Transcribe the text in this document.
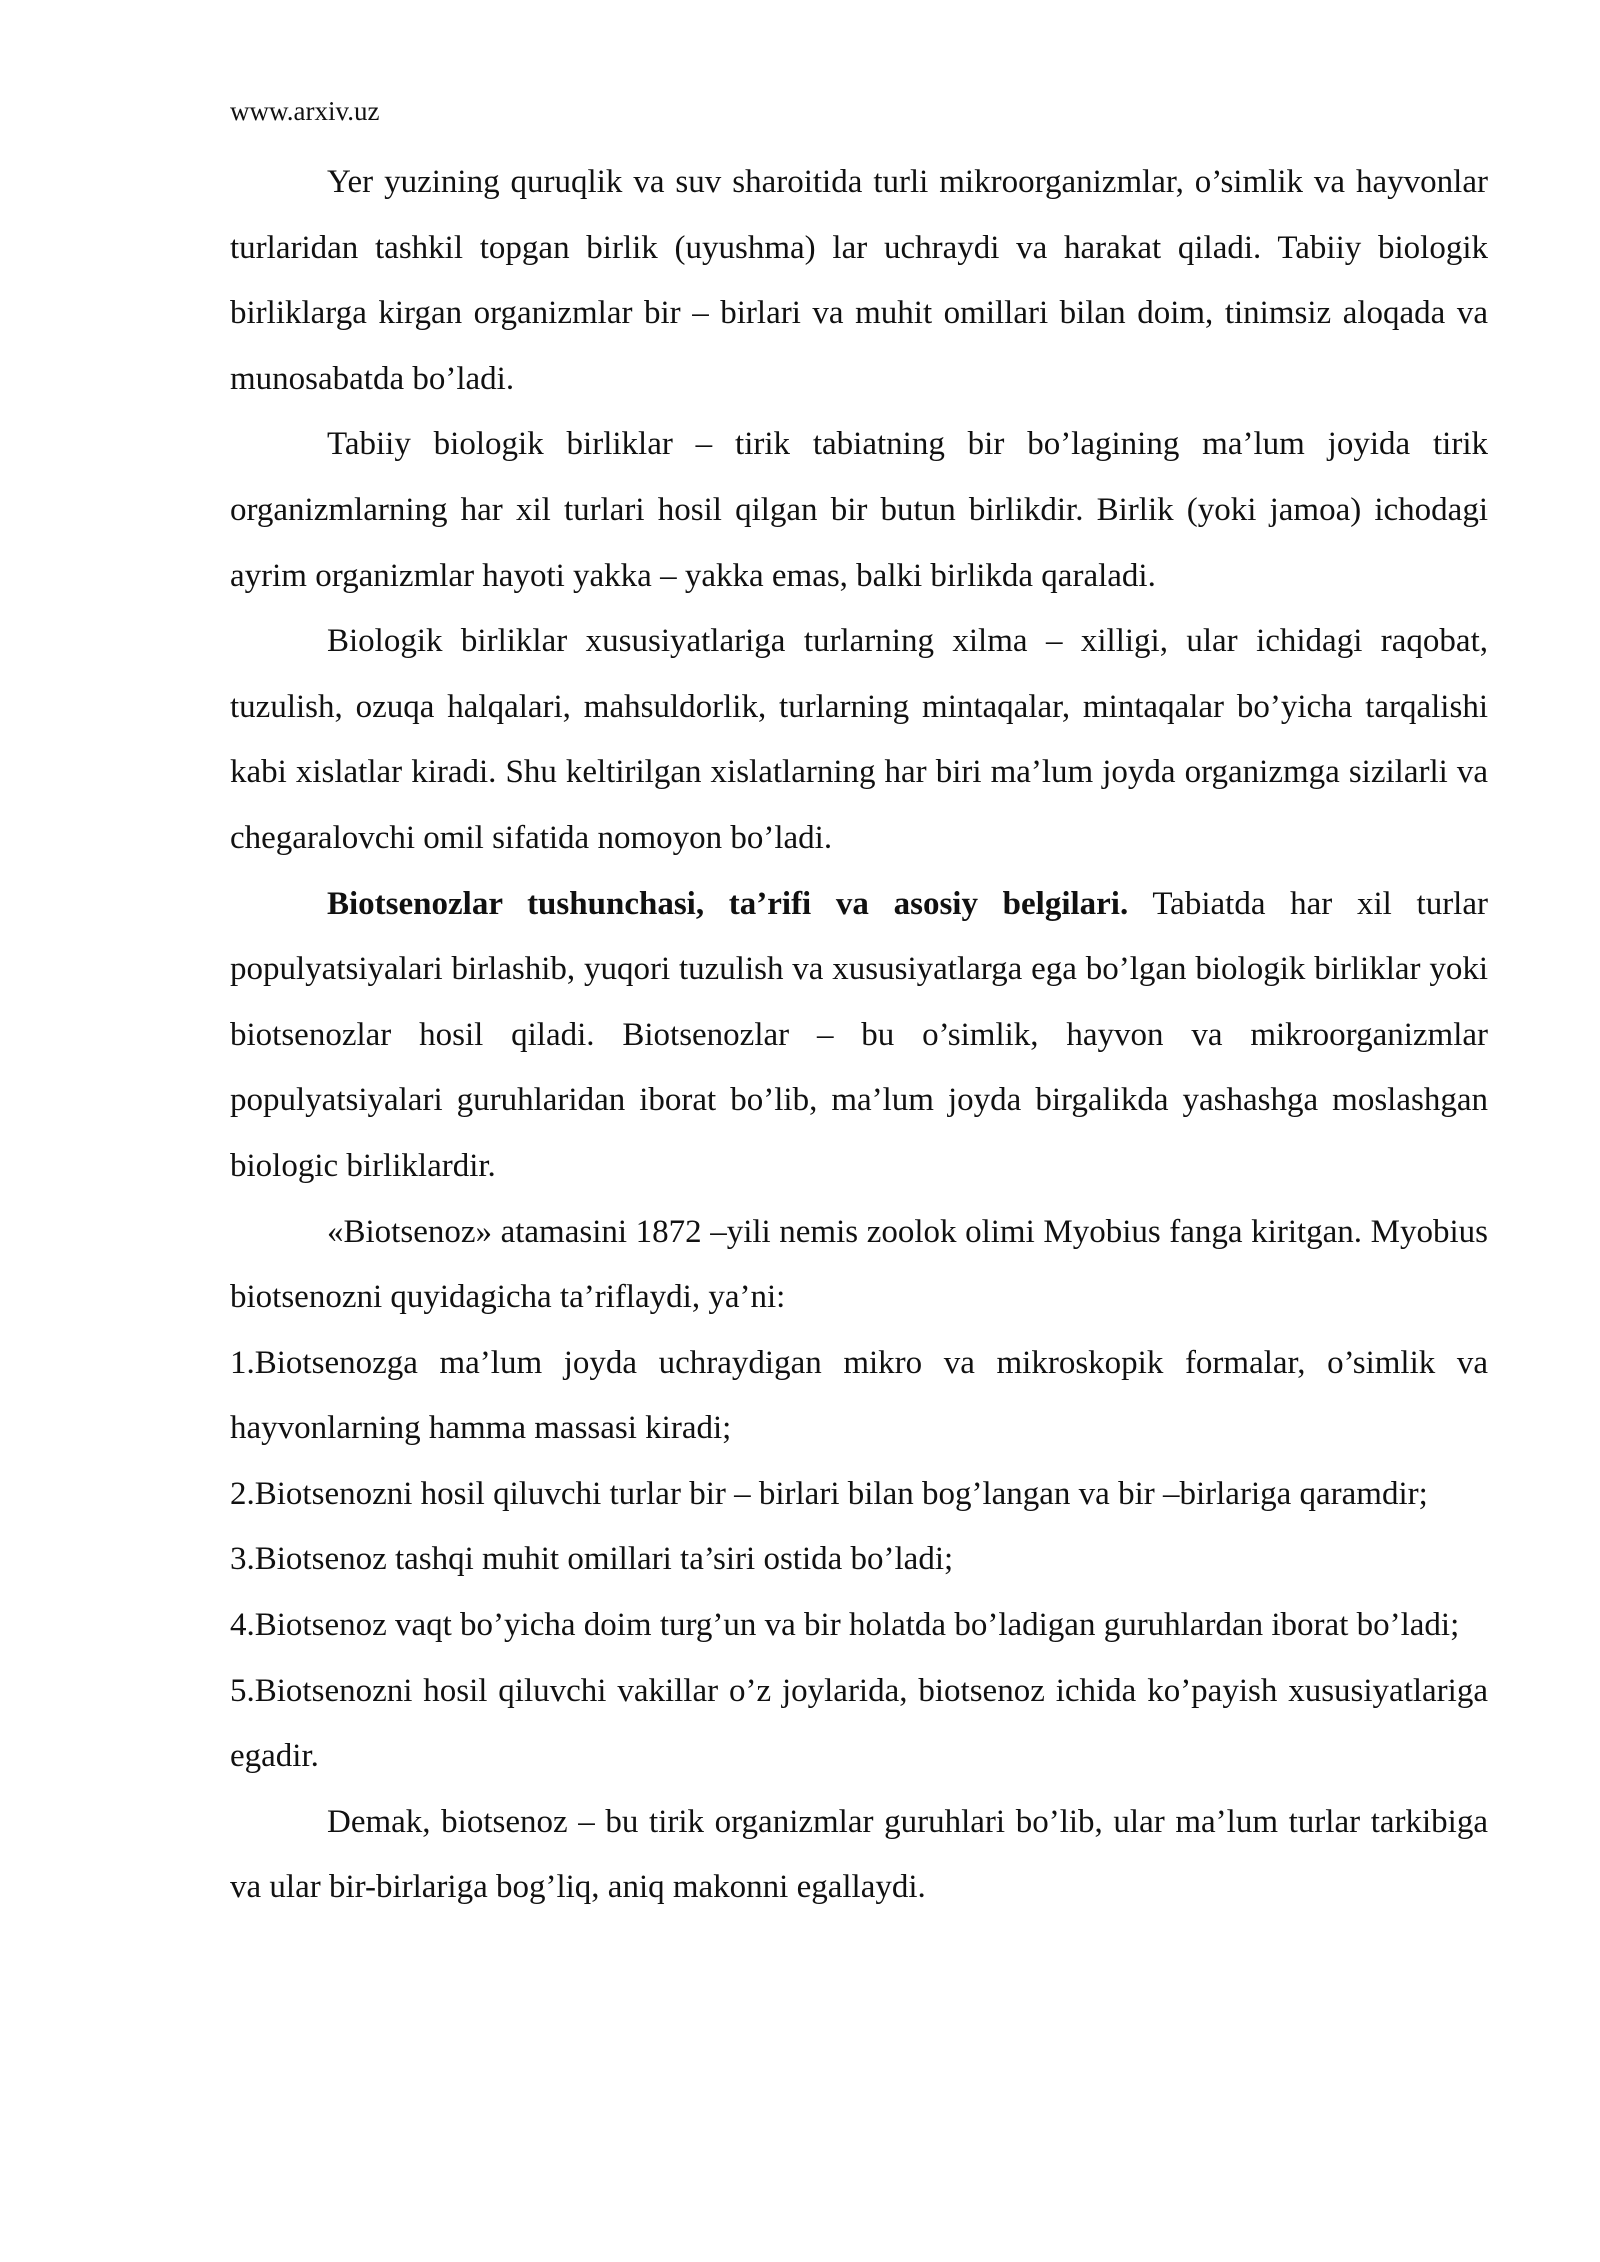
www.arxiv.uz

Yer yuzining quruqlik va suv sharoitida turli mikroorganizmlar, o’simlik va hayvonlar turlaridan tashkil topgan birlik (uyushma) lar uchraydi va harakat qiladi. Tabiiy biologik birliklarga kirgan organizmlar bir – birlari va muhit omillari bilan doim, tinimsiz aloqada va munosabatda bo’ladi.

Tabiiy biologik birliklar – tirik tabiatning bir bo’lagining ma’lum joyida tirik organizmlarning har xil turlari hosil qilgan bir butun birlikdir. Birlik (yoki jamoa) ichodagi ayrim organizmlar hayoti yakka – yakka emas, balki birlikda qaraladi.

Biologik birliklar xususiyatlariga turlarning xilma – xilligi, ular ichidagi raqobat, tuzulish, ozuqa halqalari, mahsuldorlik, turlarning mintaqalar, mintaqalar bo’yicha tarqalishi kabi xislatlar kiradi. Shu keltirilgan xislatlarning har biri ma’lum joyda organizmga sizilarli va chegaralovchi omil sifatida nomoyon bo’ladi.

Biotsenozlar tushunchasi, ta’rifi va asosiy belgilari. Tabiatda har xil turlar populyatsiyalari birlashib, yuqori tuzulish va xususiyatlarga ega bo’lgan biologik birliklar yoki biotsenozlar hosil qiladi. Biotsenozlar – bu o’simlik, hayvon va mikroorganizmlar populyatsiyalari guruhlaridan iborat bo’lib, ma’lum joyda birgalikda yashashga moslashgan biologic birliklardir.

«Biotsenoz» atamasini 1872 –yili nemis zoolok olimi Myobius fanga kiritgan. Myobius biotsenozni quyidagicha ta’riflaydi, ya’ni:

1.Biotsenozga ma’lum joyda uchraydigan mikro va mikroskopik formalar, o’simlik va hayvonlarning hamma massasi kiradi;

2.Biotsenozni hosil qiluvchi turlar bir – birlari bilan bog’langan va bir –birlariga qaramdir;

3.Biotsenoz tashqi muhit omillari ta’siri ostida bo’ladi;

4.Biotsenoz vaqt bo’yicha doim turg’un va bir holatda bo’ladigan guruhlardan iborat bo’ladi;

5.Biotsenozni hosil qiluvchi vakillar o’z joylarida, biotsenoz ichida ko’payish xususiyatlariga egadir.

Demak, biotsenoz – bu tirik organizmlar guruhlari bo’lib, ular ma’lum turlar tarkibiga va ular bir-birlariga bog’liq, aniq makonni egallaydi.
